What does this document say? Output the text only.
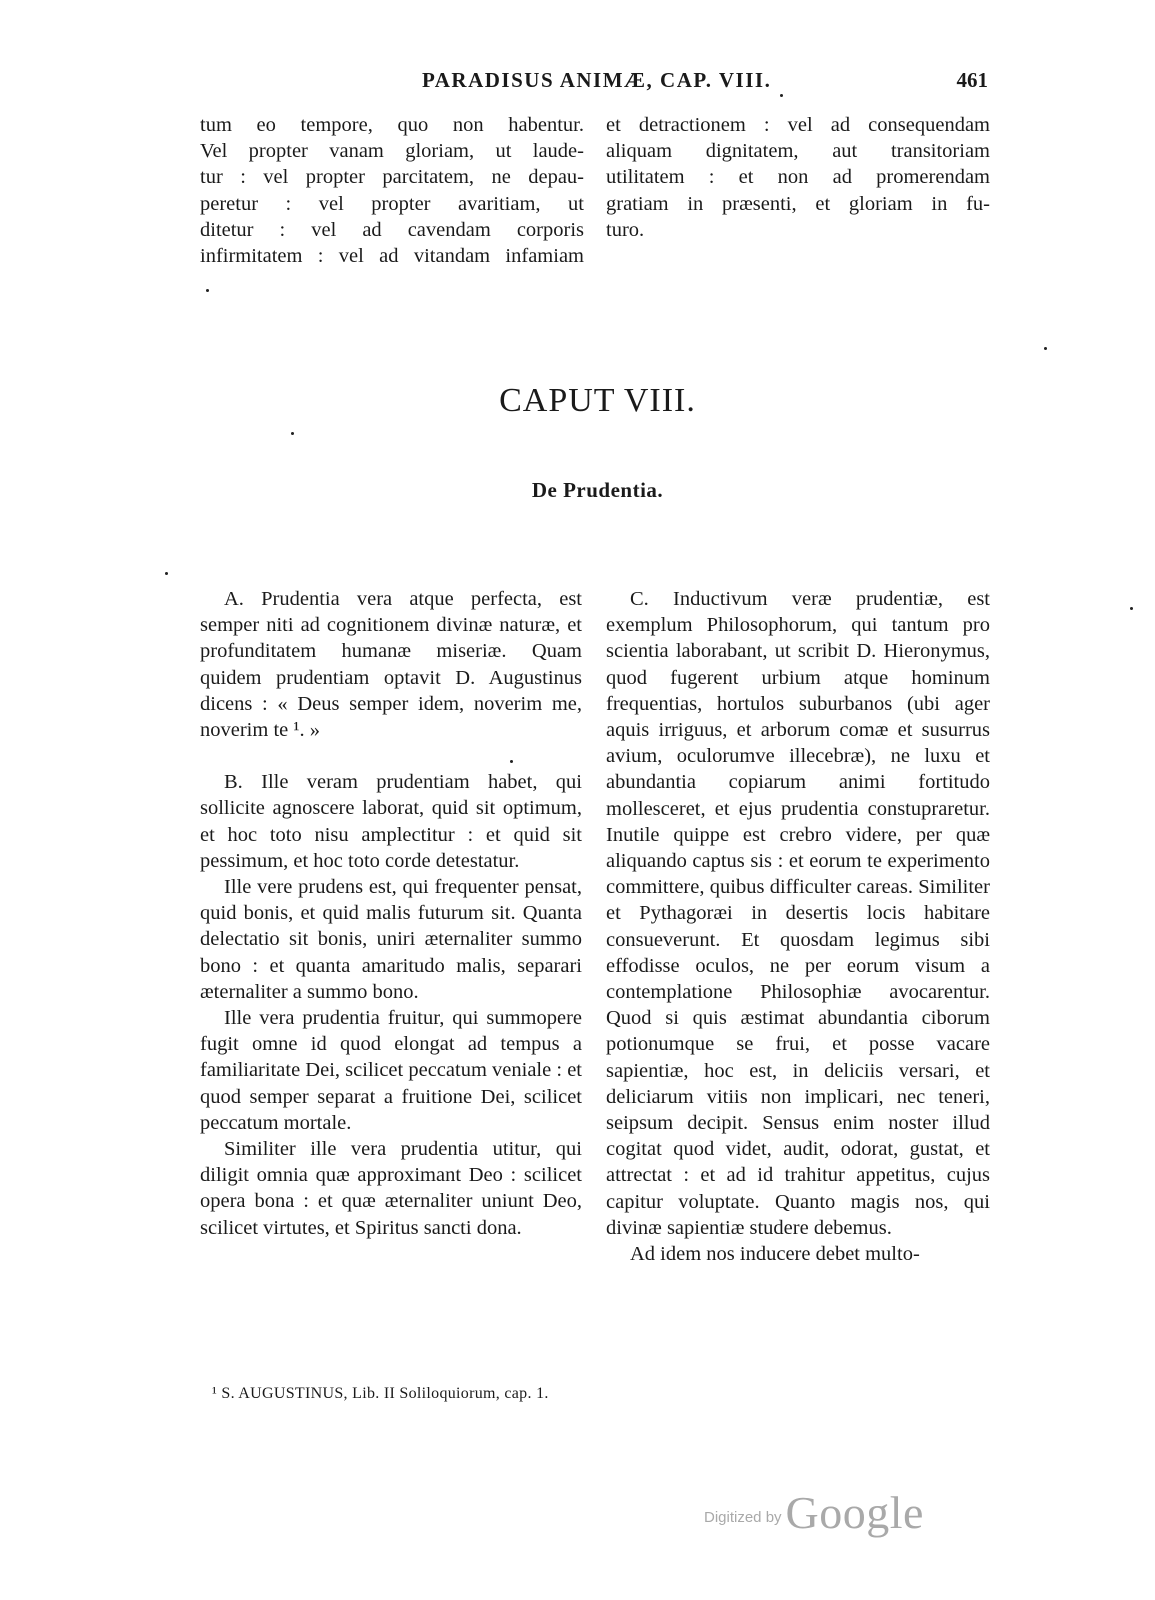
PARADISUS ANIMÆ, CAP. VIII.	461
tum eo tempore, quo non habentur.
Vel propter vanam gloriam, ut laude-
tur : vel propter parcitatem, ne depau-
peretur : vel propter avaritiam, ut
ditetur : vel ad cavendam corporis
infirmitatem : vel ad vitandam infamiam
et detractionem : vel ad consequendam
aliquam dignitatem, aut transitoriam
utilitatem : et non ad promerendam
gratiam in præsenti, et gloriam in fu-
turo.
CAPUT VIII.
De Prudentia.

A. Prudentia vera atque perfecta, est semper niti ad cognitionem divinæ naturæ, et profunditatem humanæ miseriæ. Quam quidem prudentiam optavit D. Augustinus dicens : « Deus semper idem, noverim me, noverim te ¹. »

B. Ille veram prudentiam habet, qui sollicite agnoscere laborat, quid sit optimum, et hoc toto nisu amplectitur : et quid sit pessimum, et hoc toto corde detestatur.

Ille vere prudens est, qui frequenter pensat, quid bonis, et quid malis futurum sit. Quanta delectatio sit bonis, uniri æternaliter summo bono : et quanta amaritudo malis, separari æternaliter a summo bono.

Ille vera prudentia fruitur, qui summopere fugit omne id quod elongat ad tempus a familiaritate Dei, scilicet peccatum veniale : et quod semper separat a fruitione Dei, scilicet peccatum mortale.

Similiter ille vera prudentia utitur, qui diligit omnia quæ approximant Deo : scilicet opera bona : et quæ æternaliter uniunt Deo, scilicet virtutes, et Spiritus sancti dona.

C. Inductivum veræ prudentiæ, est exemplum Philosophorum, qui tantum pro scientia laborabant, ut scribit D. Hieronymus, quod fugerent urbium atque hominum frequentias, hortulos suburbanos (ubi ager aquis irriguus, et arborum comæ et susurrus avium, oculorumve illecebræ), ne luxu et abundantia copiarum animi fortitudo mollesceret, et ejus prudentia constupraretur. Inutile quippe est crebro videre, per quæ aliquando captus sis : et eorum te experimento committere, quibus difficulter careas. Similiter et Pythagoræi in desertis locis habitare consueverunt. Et quosdam legimus sibi effodisse oculos, ne per eorum visum a contemplatione Philosophiæ avocarentur. Quod si quis æstimat abundantia ciborum potionumque se frui, et posse vacare sapientiæ, hoc est, in deliciis versari, et deliciarum vitiis non implicari, nec teneri, seipsum decipit. Sensus enim noster illud cogitat quod videt, audit, odorat, gustat, et attrectat : et ad id trahitur appetitus, cujus capitur voluptate. Quanto magis nos, qui divinæ sapientiæ studere debemus.

Ad idem nos inducere debet multo-

¹ S. AUGUSTINUS, Lib. II Soliloquiorum, cap. 1.
Digitized by Google
